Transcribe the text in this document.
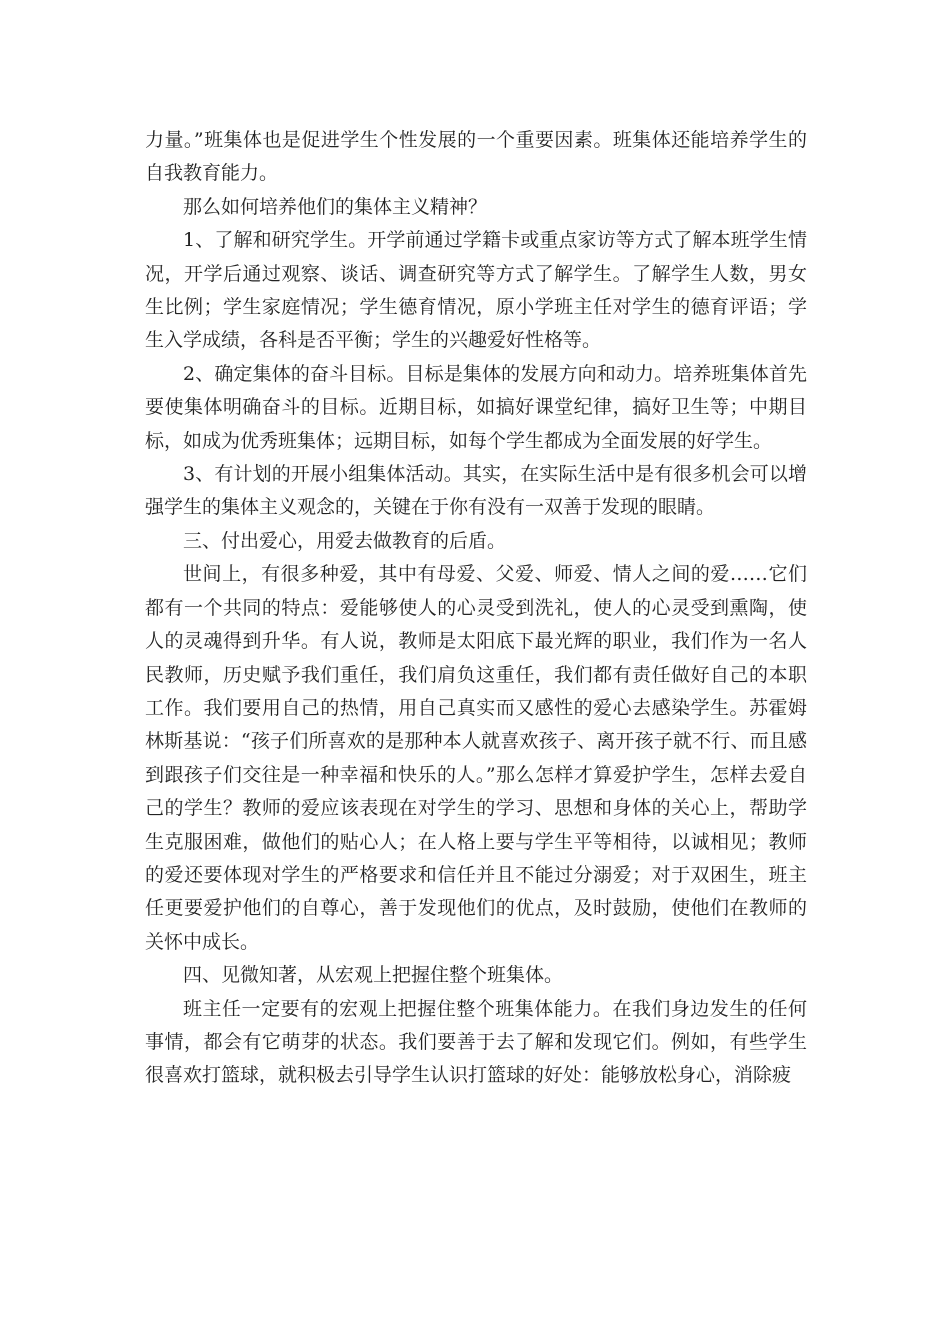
力量。”班集体也是促进学生个性发展的一个重要因素。班集体还能培养学生的自我教育能力。

那么如何培养他们的集体主义精神？

1、了解和研究学生。开学前通过学籍卡或重点家访等方式了解本班学生情况，开学后通过观察、谈话、调查研究等方式了解学生。了解学生人数，男女生比例；学生家庭情况；学生德育情况，原小学班主任对学生的德育评语；学生入学成绩，各科是否平衡；学生的兴趣爱好性格等。

2、确定集体的奋斗目标。目标是集体的发展方向和动力。培养班集体首先要使集体明确奋斗的目标。近期目标，如搞好课堂纪律，搞好卫生等；中期目标，如成为优秀班集体；远期目标，如每个学生都成为全面发展的好学生。

3、有计划的开展小组集体活动。其实，在实际生活中是有很多机会可以增强学生的集体主义观念的，关键在于你有没有一双善于发现的眼睛。

三、付出爱心，用爱去做教育的后盾。

世间上，有很多种爱，其中有母爱、父爱、师爱、情人之间的爱……它们都有一个共同的特点：爱能够使人的心灵受到洗礼，使人的心灵受到熏陶，使人的灵魂得到升华。有人说，教师是太阳底下最光辉的职业，我们作为一名人民教师，历史赋予我们重任，我们肩负这重任，我们都有责任做好自己的本职工作。我们要用自己的热情，用自己真实而又感性的爱心去感染学生。苏霍姆林斯基说：“孩子们所喜欢的是那种本人就喜欢孩子、离开孩子就不行、而且感到跟孩子们交往是一种幸福和快乐的人。”那么怎样才算爱护学生，怎样去爱自己的学生？教师的爱应该表现在对学生的学习、思想和身体的关心上，帮助学生克服困难，做他们的贴心人；在人格上要与学生平等相待，以诚相见；教师的爱还要体现对学生的严格要求和信任并且不能过分溺爱；对于双困生，班主任更要爱护他们的自尊心，善于发现他们的优点，及时鼓励，使他们在教师的关怀中成长。

四、见微知著，从宏观上把握住整个班集体。

班主任一定要有的宏观上把握住整个班集体能力。在我们身边发生的任何事情，都会有它萌芽的状态。我们要善于去了解和发现它们。例如，有些学生很喜欢打篮球，就积极去引导学生认识打篮球的好处：能够放松身心，消除疲
